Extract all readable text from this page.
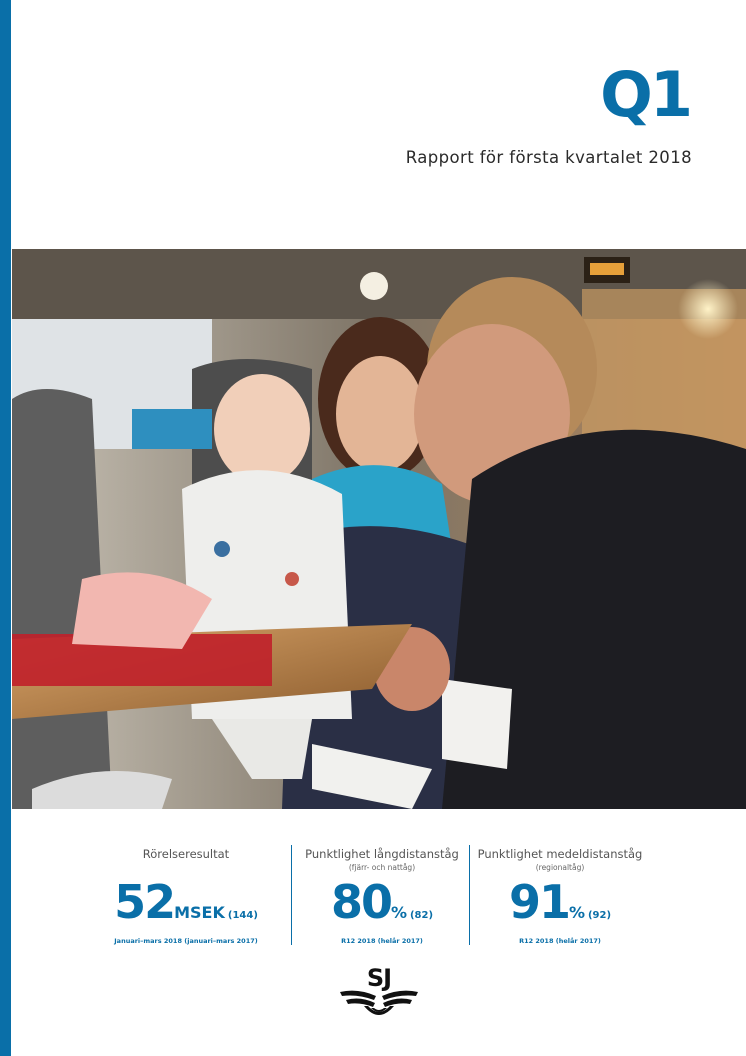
Q1
Rapport för första kvartalet 2018
Rörelseresultat
52MSEK (144)
Januari–mars 2018 (januari–mars 2017)
Punktlighet långdistanståg
(fjärr- och nattåg)
80% (82)
R12 2018 (helår 2017)
Punktlighet medeldistanståg
(regionaltåg)
91% (92)
R12 2018 (helår 2017)
SJ
